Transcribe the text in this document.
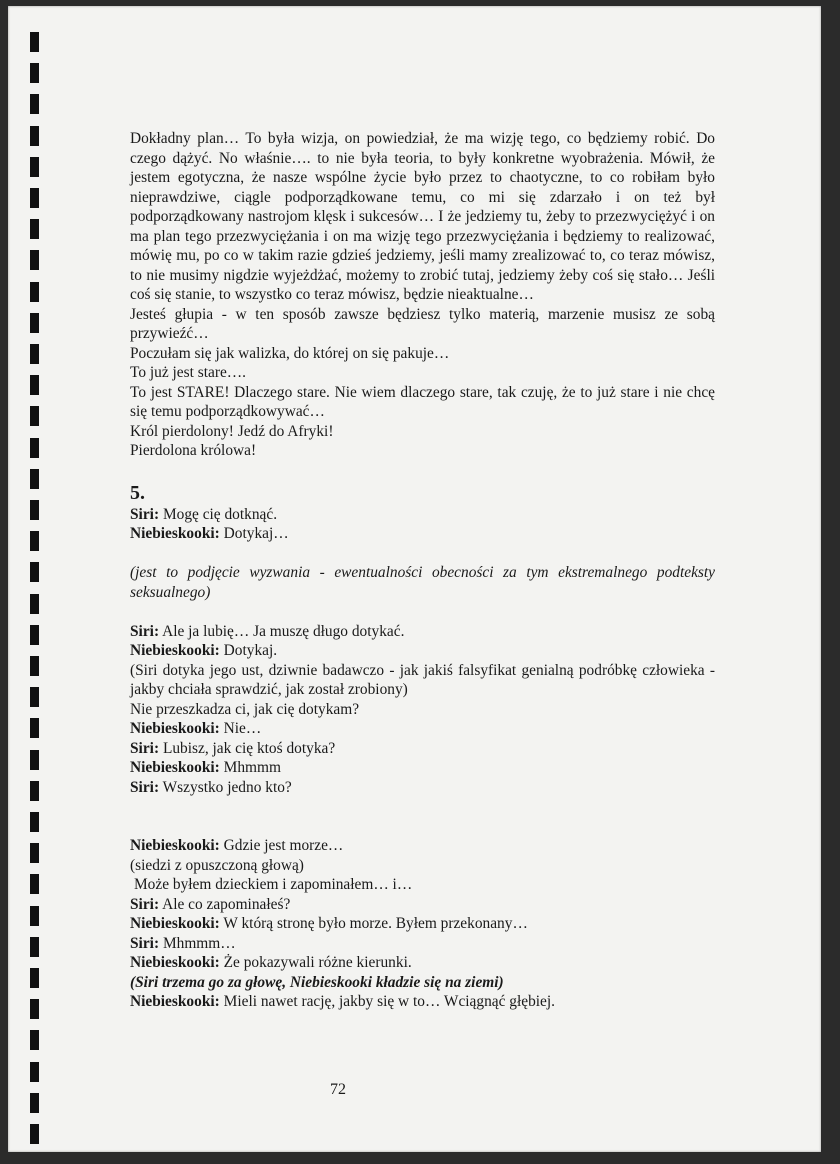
Dokładny plan… To była wizja, on powiedział, że ma wizję tego, co będziemy robić. Do czego dążyć. No właśnie…. to nie była teoria, to były konkretne wyobrażenia. Mówił, że jestem egotyczna, że nasze wspólne życie było przez to chaotyczne, to co robiłam było nieprawdziwe, ciągle podporządkowane temu, co mi się zdarzało i on też był podporządkowany nastrojom klęsk i sukcesów… I że jedziemy tu, żeby to przezwyciężyć i on ma plan tego przezwyciężania i on ma wizję tego przezwyciężania i będziemy to realizować, mówię mu, po co w takim razie gdzieś jedziemy, jeśli mamy zrealizować to, co teraz mówisz, to nie musimy nigdzie wyjeżdżać, możemy to zrobić tutaj, jedziemy żeby coś się stało… Jeśli coś się stanie, to wszystko co teraz mówisz, będzie nieaktualne…

Jesteś głupia - w ten sposób zawsze będziesz tylko materią, marzenie musisz ze sobą przywieźć…

Poczułam się jak walizka, do której on się pakuje…

To już jest stare….

To jest STARE! Dlaczego stare. Nie wiem dlaczego stare, tak czuję, że to już stare i nie chcę się temu podporządkowywać…

Król pierdolony! Jedź do Afryki!

Pierdolona królowa!

5.

Siri: Mogę cię dotknąć.

Niebieskooki: Dotykaj…

(jest to podjęcie wyzwania - ewentualności obecności za tym ekstremalnego podteksty seksualnego)

Siri: Ale ja lubię… Ja muszę długo dotykać.

Niebieskooki: Dotykaj.

(Siri dotyka jego ust, dziwnie badawczo - jak jakiś falsyfikat genialną podróbkę człowieka - jakby chciała sprawdzić, jak został zrobiony)

Nie przeszkadza ci, jak cię dotykam?

Niebieskooki: Nie…

Siri: Lubisz, jak cię ktoś dotyka?

Niebieskooki: Mhmmm

Siri: Wszystko jedno kto?

Niebieskooki: Gdzie jest morze…

(siedzi z opuszczoną głową)

Może byłem dzieckiem i zapominałem… i…

Siri: Ale co zapominałeś?

Niebieskooki: W którą stronę było morze. Byłem przekonany…

Siri: Mhmmm…

Niebieskooki: Że pokazywali różne kierunki.

(Siri trzema go za głowę, Niebieskooki kładzie się na ziemi)

Niebieskooki: Mieli nawet rację, jakby się w to… Wciągnąć głębiej.

72
